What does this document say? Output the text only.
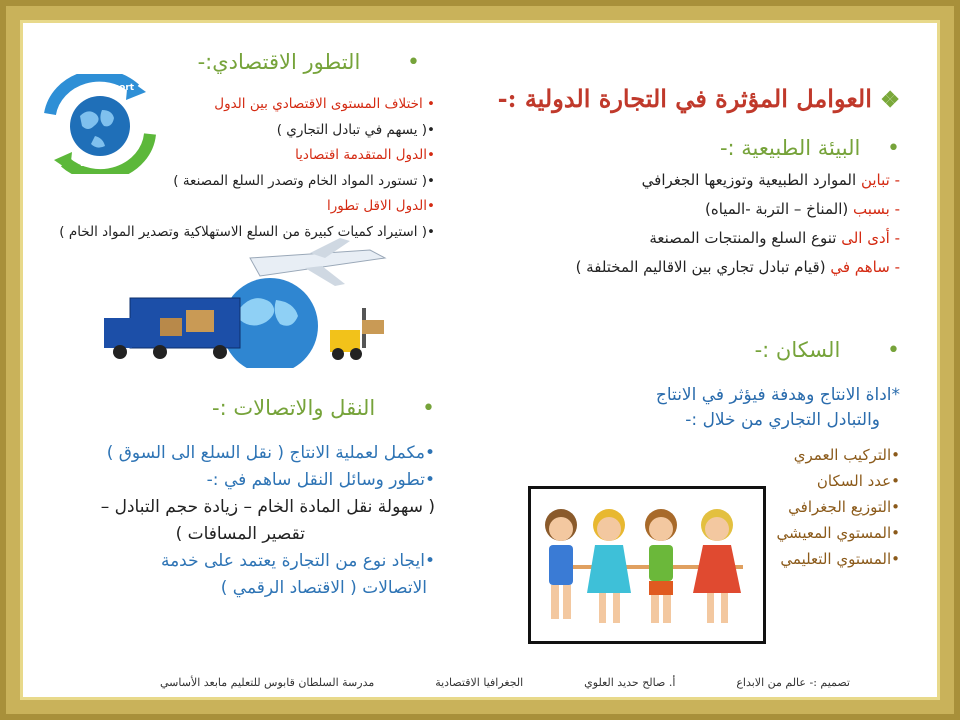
❖ العوامل المؤثرة في التجارة الدولية :-
•    البيئة الطبيعية :-
- تباين الموارد الطبيعية وتوزيعها الجغرافي
- بسبب (المناخ – التربة -المياه)
- أدى الى تنوع السلع والمنتجات المصنعة
- ساهم في (قيام تبادل تجاري بين الاقاليم المختلفة )
•       السكان :-
*اداة الانتاج وهدفة فيؤثر في الانتاج
والتبادل التجاري من خلال :-
•التركيب العمري
•عدد السكان
•التوزيع الجغرافي
•المستوي المعيشي
•المستوي التعليمي
•       التطور الاقتصادي:-
• اختلاف المستوى الاقتصادي بين الدول
•( يسهم في تبادل التجاري )
•الدول المتقدمة اقتصاديا
•( تستورد المواد الخام وتصدر السلع المصنعة )
•الدول الاقل تطورا
•( استيراد كميات كبيرة من السلع الاستهلاكية وتصدير المواد الخام )
•       النقل والاتصالات :-
•مكمل لعملية الانتاج ( نقل السلع الى السوق )
•تطور وسائل النقل ساهم في :-
( سهولة نقل المادة الخام – زيادة حجم التبادل –
تقصير المسافات )
•ايجاد نوع من التجارة يعتمد على خدمة
الاتصالات ( الاقتصاد الرقمي )
Import
Export
تصميم :- عالم من الابداع
أ. صالح حديد العلوي
الجغرافيا الاقتصادية
مدرسة السلطان قابوس للتعليم مابعد الأساسي
